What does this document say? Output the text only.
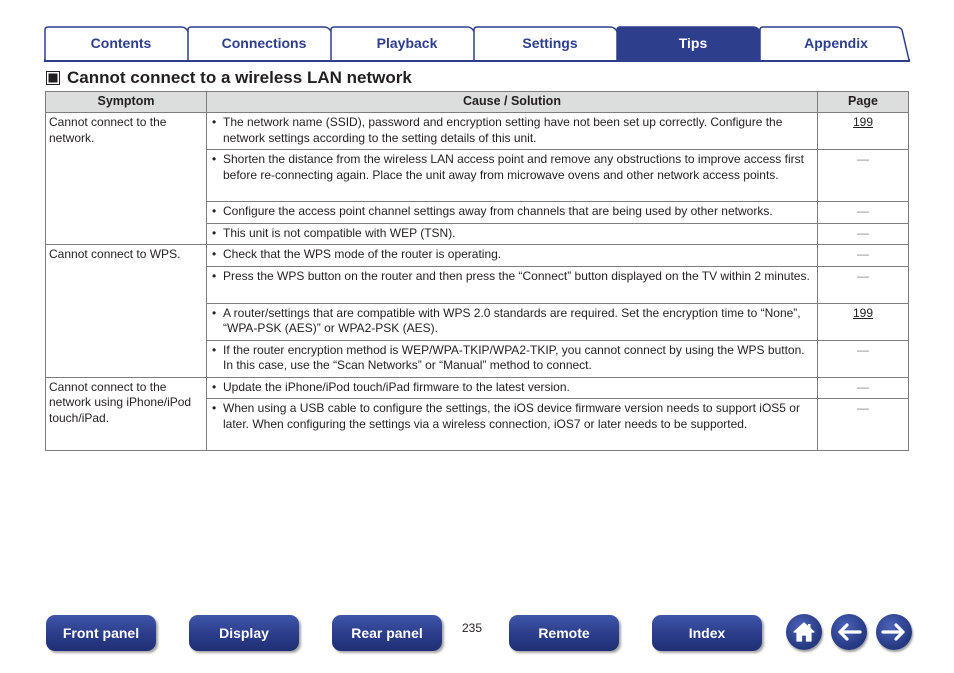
Contents	Connections	Playback	Settings	Tips	Appendix
Cannot connect to a wireless LAN network
Symptom	Cause / Solution	Page
Cannot connect to the network.	• The network name (SSID), password and encryption setting have not been set up correctly. Configure the network settings according to the setting details of this unit.	199
	• Shorten the distance from the wireless LAN access point and remove any obstructions to improve access first before re-connecting again. Place the unit away from microwave ovens and other network access points.	—
	• Configure the access point channel settings away from channels that are being used by other networks.	—
	• This unit is not compatible with WEP (TSN).	—
Cannot connect to WPS.	• Check that the WPS mode of the router is operating.	—
	• Press the WPS button on the router and then press the “Connect” button displayed on the TV within 2 minutes.	—
	• A router/settings that are compatible with WPS 2.0 standards are required. Set the encryption time to “None”, “WPA-PSK (AES)” or WPA2-PSK (AES).	199
	• If the router encryption method is WEP/WPA-TKIP/WPA2-TKIP, you cannot connect by using the WPS button. In this case, use the “Scan Networks” or “Manual” method to connect.	—
Cannot connect to the network using iPhone/iPod touch/iPad.	• Update the iPhone/iPod touch/iPad firmware to the latest version.	—
	• When using a USB cable to configure the settings, the iOS device firmware version needs to support iOS5 or later. When configuring the settings via a wireless connection, iOS7 or later needs to be supported.	—
Front panel	Display	Rear panel	235	Remote	Index
